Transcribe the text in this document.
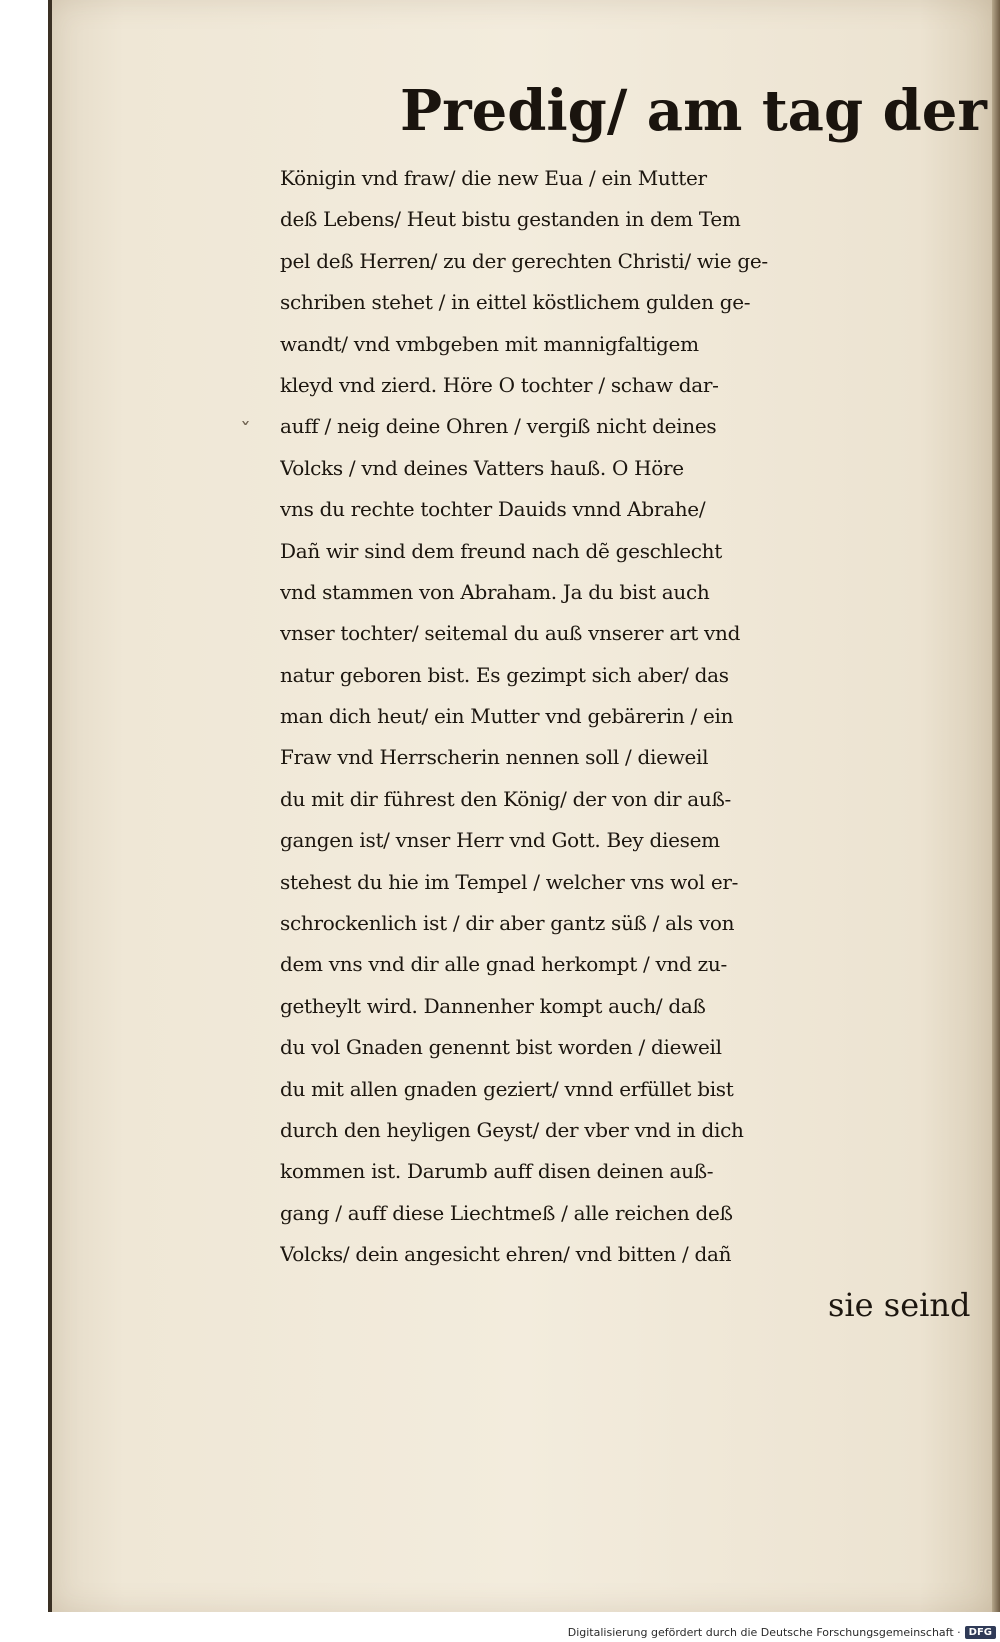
ˇ
Predig/ am tag der
Königin vnd fraw/ die new Eua / ein Mutter
deß Lebens/ Heut bistu gestanden in dem Tem
pel deß Herren/ zu der gerechten Christi/ wie ge-
schriben stehet / in eittel köstlichem gulden ge-
wandt/ vnd vmbgeben mit mannigfaltigem
kleyd vnd zierd. Höre O tochter / schaw dar-
auff / neig deine Ohren / vergiß nicht deines
Volcks / vnd deines Vatters hauß. O Höre
vns du rechte tochter Dauids vnnd Abrahe/
Dañ wir sind dem freund nach dẽ geschlecht
vnd stammen von Abraham. Ja du bist auch
vnser tochter/ seitemal du auß vnserer art vnd
natur geboren bist. Es gezimpt sich aber/ das
man dich heut/ ein Mutter vnd gebärerin / ein
Fraw vnd Herrscherin nennen soll / dieweil
du mit dir führest den König/ der von dir auß-
gangen ist/ vnser Herr vnd Gott. Bey diesem
stehest du hie im Tempel / welcher vns wol er-
schrockenlich ist / dir aber gantz süß / als von
dem vns vnd dir alle gnad herkompt / vnd zu-
getheylt wird. Dannenher kompt auch/ daß
du vol Gnaden genennt bist worden / dieweil
du mit allen gnaden geziert/ vnnd erfüllet bist
durch den heyligen Geyst/ der vber vnd in dich
kommen ist. Darumb auff disen deinen auß-
gang / auff diese Liechtmeß / alle reichen deß
Volcks/ dein angesicht ehren/ vnd bitten / dañ
sie seind
Digitalisierung gefördert durch die Deutsche Forschungsgemeinschaft · DFG
